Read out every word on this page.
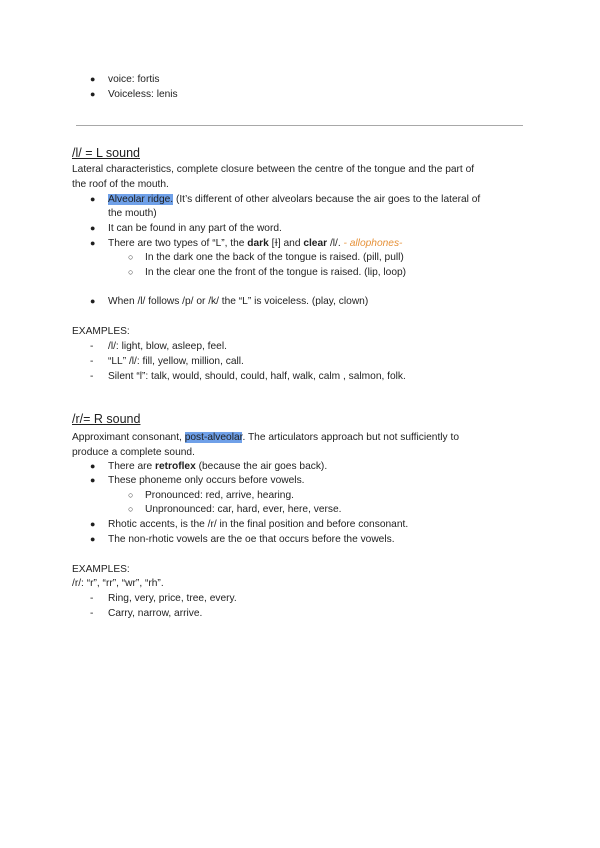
● voice: fortis
● Voiceless: lenis
/l/ = L sound
Lateral characteristics, complete closure between the centre of the tongue and the part of
the roof of the mouth.
● Alveolar ridge. (It’s different of other alveolars because the air goes to the lateral of
the mouth)
● It can be found in any part of the word.
● There are two types of “L”, the dark [ɫ] and clear /l/. - allophones-
○ In the dark one the back of the tongue is raised. (pill, pull)
○ In the clear one the front of the tongue is raised. (lip, loop)
● When /l/ follows /p/ or /k/ the “L” is voiceless. (play, clown)
EXAMPLES:
- /l/: light, blow, asleep, feel.
- “LL” /l/: fill, yellow, million, call.
- Silent “l”: talk, would, should, could, half, walk, calm , salmon, folk.
/r/= R sound
Approximant consonant, post-alveolar. The articulators approach but not sufficiently to
produce a complete sound.
● There are retroflex (because the air goes back).
● These phoneme only occurs before vowels.
○ Pronounced: red, arrive, hearing.
○ Unpronounced: car, hard, ever, here, verse.
● Rhotic accents, is the /r/ in the final position and before consonant.
● The non-rhotic vowels are the oe that occurs before the vowels.
EXAMPLES:
/r/: “r”, “rr”, “wr”, “rh”.
- Ring, very, price, tree, every.
- Carry, narrow, arrive.
